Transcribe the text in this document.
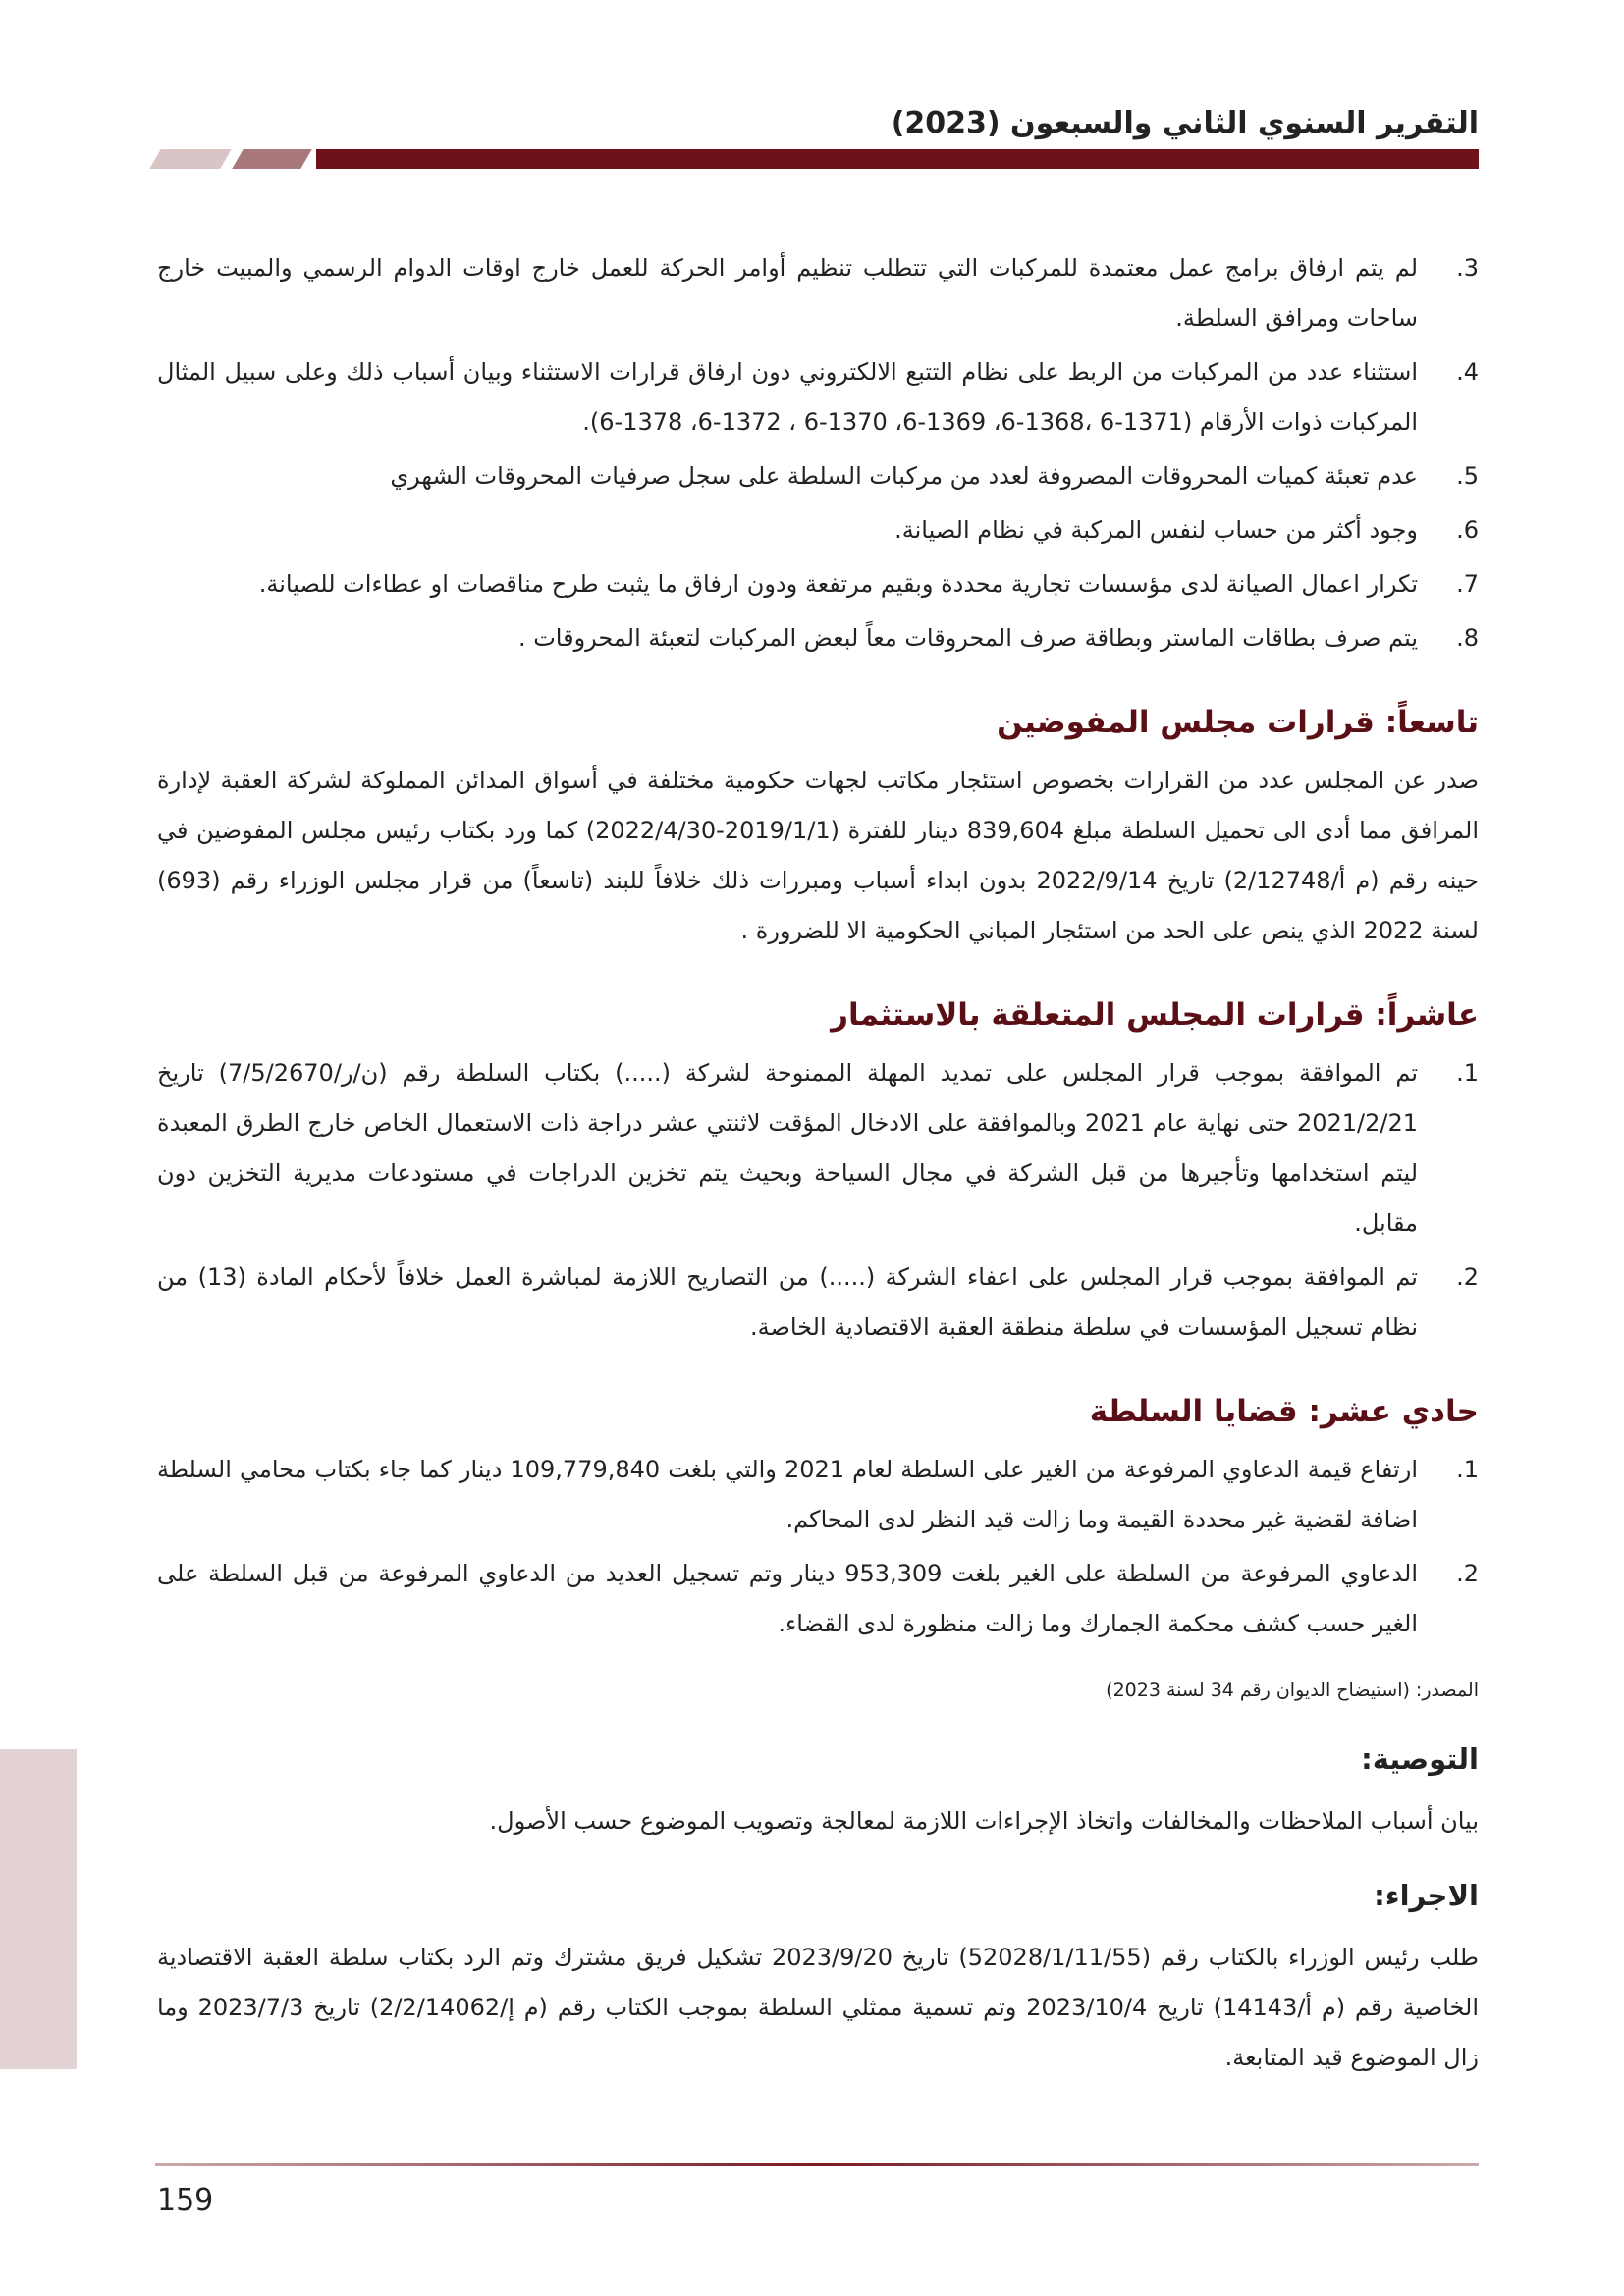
التقرير السنوي الثاني والسبعون (2023)
3.
لم يتم ارفاق برامج عمل معتمدة للمركبات التي تتطلب تنظيم أوامر الحركة للعمل خارج اوقات الدوام الرسمي والمبيت خارج ساحات ومرافق السلطة.
4.
استثناء عدد من المركبات من الربط على نظام التتبع الالكتروني دون ارفاق قرارات الاستثناء وبيان أسباب ذلك وعلى سبيل المثال المركبات ذوات الأرقام (1371-6 ،1368-6، 1369-6، 1370-6 ، 1372-6، 1378-6).
5.
عدم تعبئة كميات المحروقات المصروفة لعدد من مركبات السلطة على سجل صرفيات المحروقات الشهري
6.
وجود أكثر من حساب لنفس المركبة في نظام الصيانة.
7.
تكرار اعمال الصيانة لدى مؤسسات تجارية محددة وبقيم مرتفعة ودون ارفاق ما يثبت طرح مناقصات او عطاءات للصيانة.
8.
يتم صرف بطاقات الماستر وبطاقة صرف المحروقات معاً لبعض المركبات لتعبئة المحروقات .
تاسعاً: قرارات مجلس المفوضين
صدر عن المجلس عدد من القرارات بخصوص استئجار مكاتب لجهات حكومية مختلفة في أسواق المدائن المملوكة لشركة العقبة لإدارة المرافق مما أدى الى تحميل السلطة مبلغ 839,604 دينار للفترة (2019/1/1-2022/4/30) كما ورد بكتاب رئيس مجلس المفوضين في حينه رقم (م أ/2/12748) تاريخ 2022/9/14 بدون ابداء أسباب ومبررات ذلك خلافاً للبند (تاسعاً) من قرار مجلس الوزراء رقم (693) لسنة 2022 الذي ينص على الحد من استئجار المباني الحكومية الا للضرورة .
عاشراً: قرارات المجلس المتعلقة بالاستثمار
1.
تم الموافقة بموجب قرار المجلس على تمديد المهلة الممنوحة لشركة (.....) بكتاب السلطة رقم (ن/ر/7/5/2670) تاريخ 2021/2/21 حتى نهاية عام 2021 وبالموافقة على الادخال المؤقت لاثنتي عشر دراجة ذات الاستعمال الخاص خارج الطرق المعبدة ليتم استخدامها وتأجيرها من قبل الشركة في مجال السياحة وبحيث يتم تخزين الدراجات في مستودعات مديرية التخزين دون مقابل.
2.
تم الموافقة بموجب قرار المجلس على اعفاء الشركة (.....) من التصاريح اللازمة لمباشرة العمل خلافاً لأحكام المادة (13) من نظام تسجيل المؤسسات في سلطة منطقة العقبة الاقتصادية الخاصة.
حادي عشر: قضايا السلطة
1.
ارتفاع قيمة الدعاوي المرفوعة من الغير على السلطة لعام 2021 والتي بلغت 109,779,840 دينار كما جاء بكتاب محامي السلطة اضافة لقضية غير محددة القيمة وما زالت قيد النظر لدى المحاكم.
2.
الدعاوي المرفوعة من السلطة على الغير بلغت 953,309 دينار وتم تسجيل العديد من الدعاوي المرفوعة من قبل السلطة على الغير حسب كشف محكمة الجمارك وما زالت منظورة لدى القضاء.
المصدر: (استيضاح الديوان رقم 34 لسنة 2023)
التوصية:
بيان أسباب الملاحظات والمخالفات واتخاذ الإجراءات اللازمة لمعالجة وتصويب الموضوع حسب الأصول.
الاجراء:
طلب رئيس الوزراء بالكتاب رقم (52028/1/11/55) تاريخ 2023/9/20 تشكيل فريق مشترك وتم الرد بكتاب سلطة العقبة الاقتصادية الخاصية رقم (م أ/14143) تاريخ 2023/10/4 وتم تسمية ممثلي السلطة بموجب الكتاب رقم (م إ/2/2/14062) تاريخ 2023/7/3 وما زال الموضوع قيد المتابعة.
159
